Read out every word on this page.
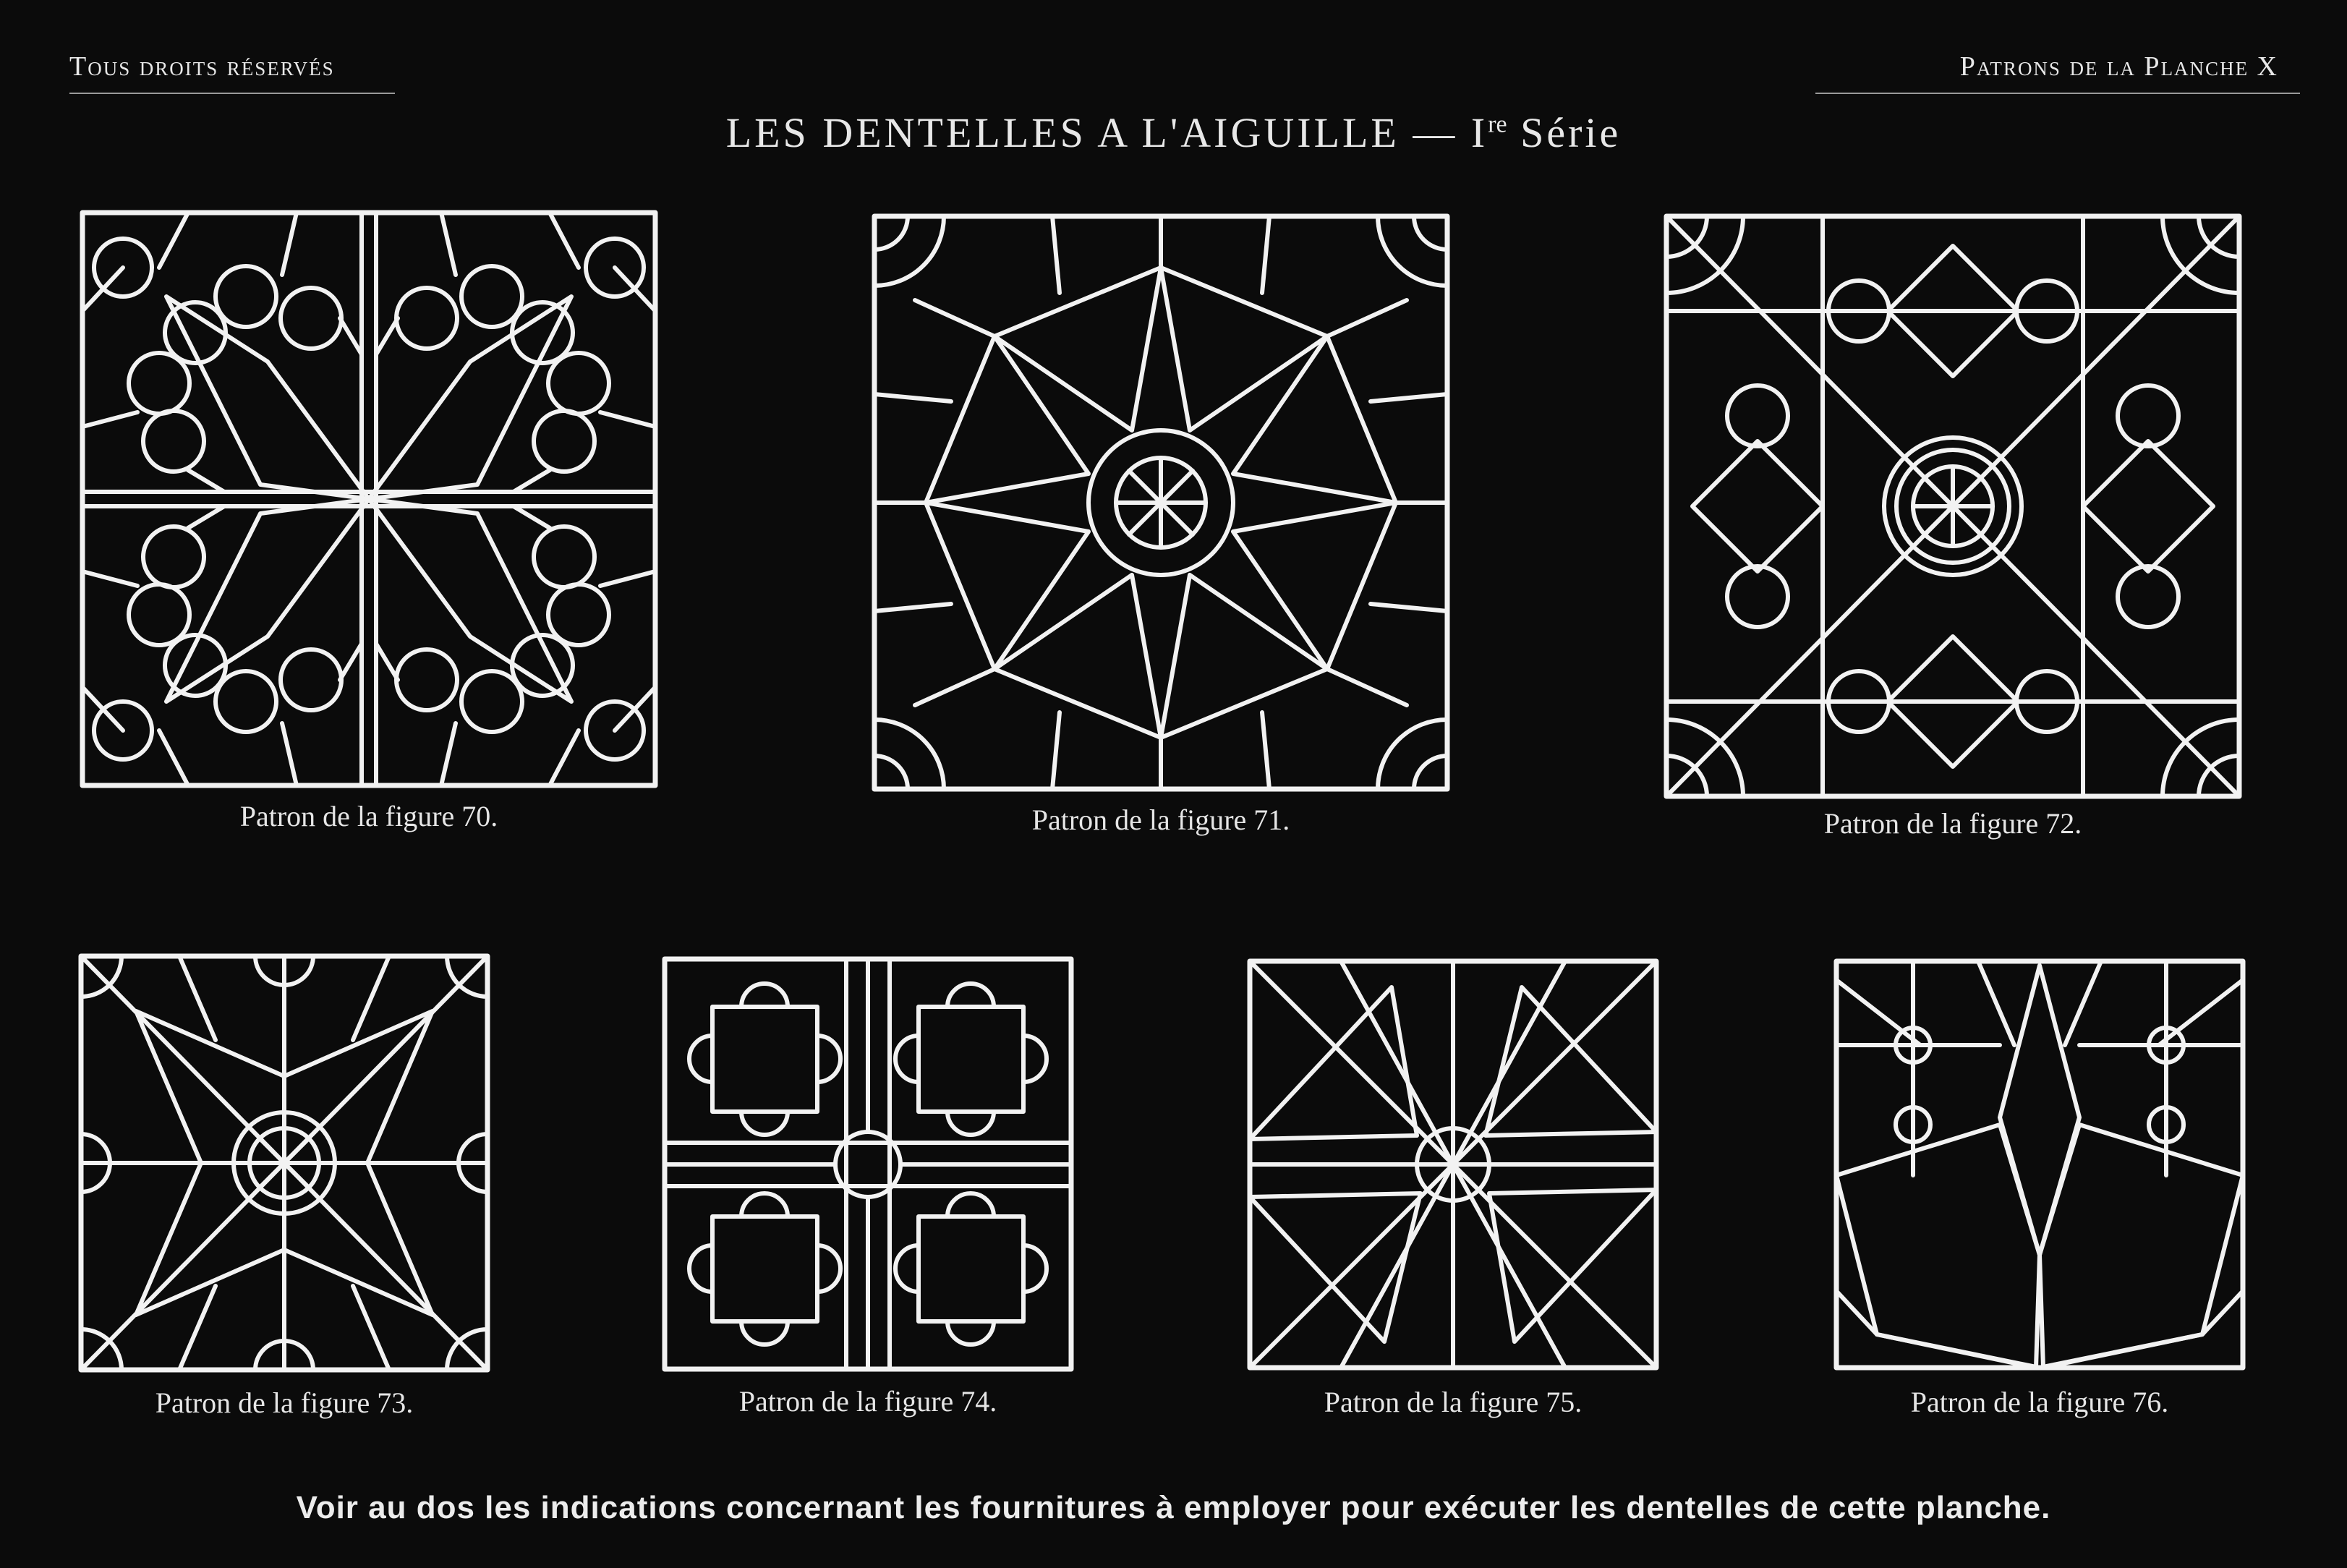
Tous droits réservés	Patrons de la Planche X
LES DENTELLES A L'AIGUILLE — Ire Série
Patron de la figure 70.	Patron de la figure 71.	Patron de la figure 72.
Patron de la figure 73.	Patron de la figure 74.	Patron de la figure 75.	Patron de la figure 76.
Voir au dos les indications concernant les fournitures à employer pour exécuter les dentelles de cette planche.
